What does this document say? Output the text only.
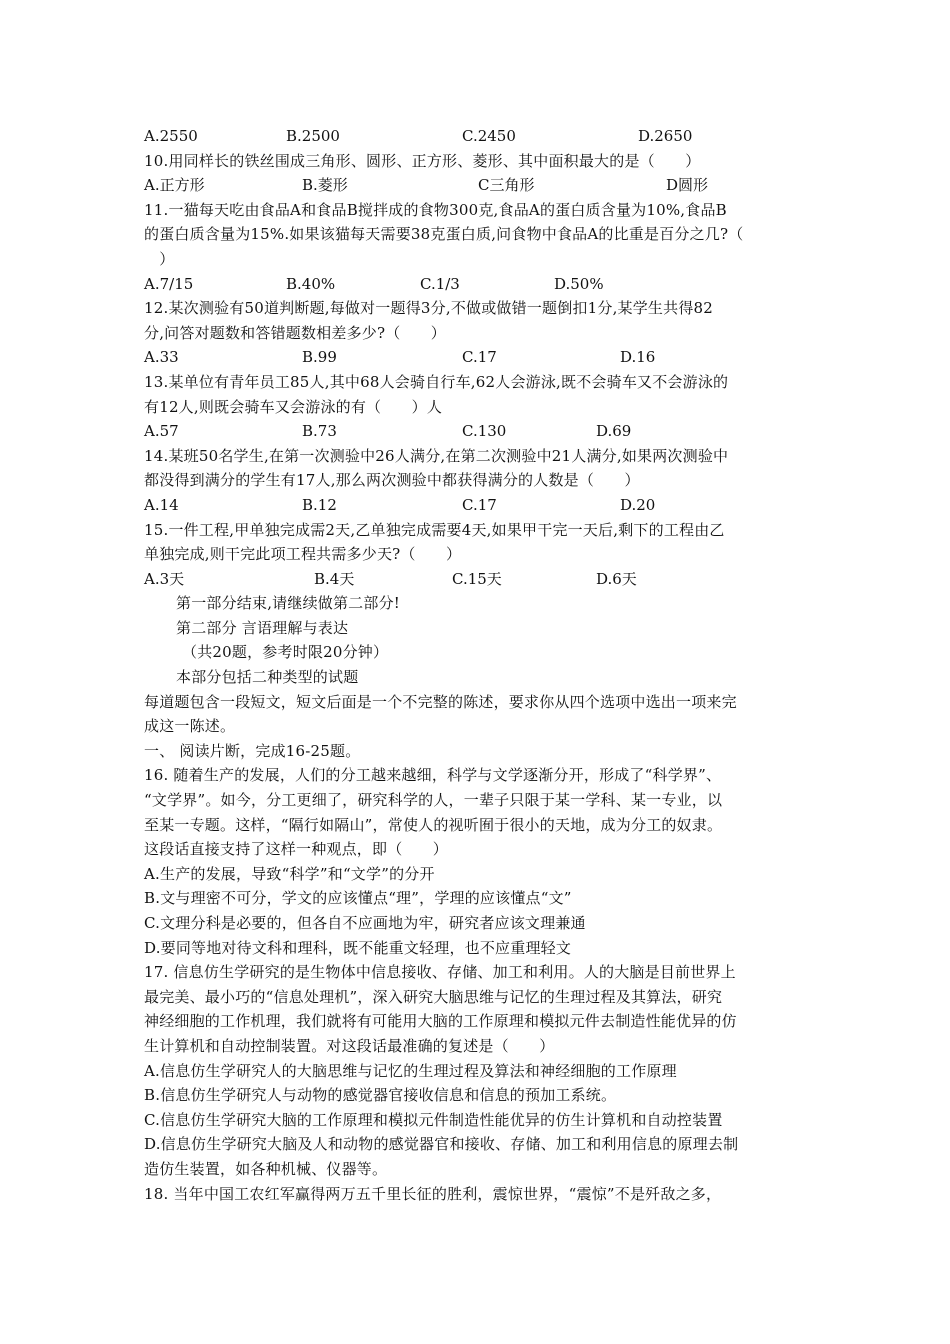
A.2550	B.2500	C.2450	D.2650
10.用同样长的铁丝围成三角形、圆形、正方形、菱形、其中面积最大的是（　　）
A.正方形	B.菱形	C三角形	D圆形
11.一猫每天吃由食品A和食品B搅拌成的食物300克,食品A的蛋白质含量为10%,食品B
的蛋白质含量为15%.如果该猫每天需要38克蛋白质,问食物中食品A的比重是百分之几?（
　）
A.7/15	B.40%	C.1/3	D.50%
12.某次测验有50道判断题,每做对一题得3分,不做或做错一题倒扣1分,某学生共得82
分,问答对题数和答错题数相差多少?（　　）
A.33	B.99	C.17	D.16
13.某单位有青年员工85人,其中68人会骑自行车,62人会游泳,既不会骑车又不会游泳的
有12人,则既会骑车又会游泳的有（　　）人
A.57	B.73	C.130	D.69
14.某班50名学生,在第一次测验中26人满分,在第二次测验中21人满分,如果两次测验中
都没得到满分的学生有17人,那么两次测验中都获得满分的人数是（　　）
A.14	B.12	C.17	D.20
15.一件工程,甲单独完成需2天,乙单独完成需要4天,如果甲干完一天后,剩下的工程由乙
单独完成,则干完此项工程共需多少天?（　　）
A.3天	B.4天	C.15天	D.6天
第一部分结束,请继续做第二部分!
第二部分 言语理解与表达
（共20题，参考时限20分钟）
本部分包括二种类型的试题
每道题包含一段短文，短文后面是一个不完整的陈述，要求你从四个选项中选出一项来完
成这一陈述。
一、 阅读片断，完成16-25题。
16. 随着生产的发展，人们的分工越来越细，科学与文学逐渐分开，形成了“科学界”、
“文学界”。如今，分工更细了，研究科学的人，一辈子只限于某一学科、某一专业，以
至某一专题。这样，“隔行如隔山”，常使人的视听囿于很小的天地，成为分工的奴隶。
这段话直接支持了这样一种观点，即（　　）
A.生产的发展，导致“科学”和“文学”的分开
B.文与理密不可分，学文的应该懂点“理”，学理的应该懂点“文”
C.文理分科是必要的，但各自不应画地为牢，研究者应该文理兼通
D.要同等地对待文科和理科，既不能重文轻理，也不应重理轻文
17. 信息仿生学研究的是生物体中信息接收、存储、加工和利用。人的大脑是目前世界上
最完美、最小巧的“信息处理机”，深入研究大脑思维与记忆的生理过程及其算法，研究
神经细胞的工作机理，我们就将有可能用大脑的工作原理和模拟元件去制造性能优异的仿
生计算机和自动控制装置。对这段话最准确的复述是（　　）
A.信息仿生学研究人的大脑思维与记忆的生理过程及算法和神经细胞的工作原理
B.信息仿生学研究人与动物的感觉器官接收信息和信息的预加工系统。
C.信息仿生学研究大脑的工作原理和模拟元件制造性能优异的仿生计算机和自动控装置
D.信息仿生学研究大脑及人和动物的感觉器官和接收、存储、加工和利用信息的原理去制
造仿生装置，如各种机械、仪器等。
18. 当年中国工农红军赢得两万五千里长征的胜利，震惊世界，“震惊”不是歼敌之多，
